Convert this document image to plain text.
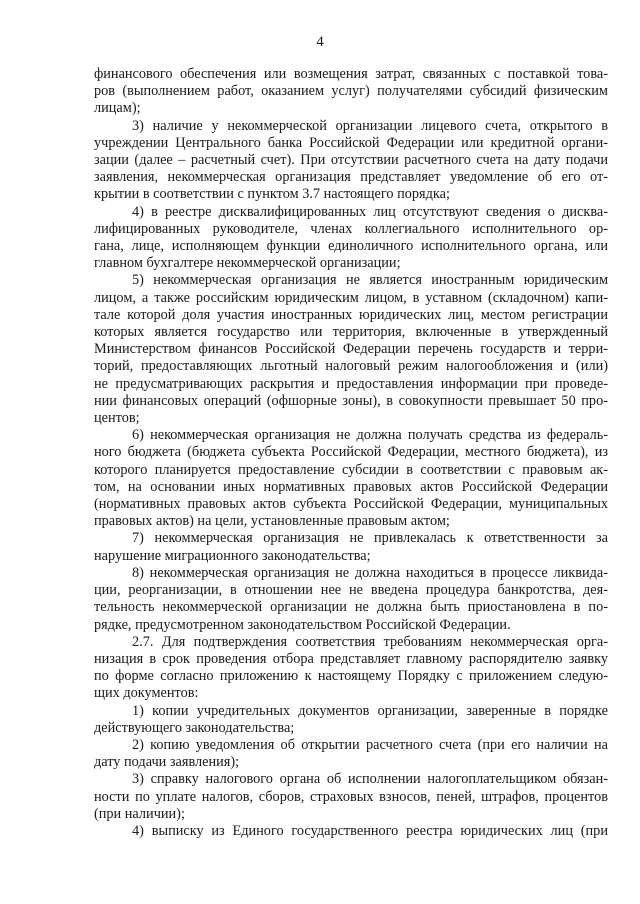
4
финансового обеспечения или возмещения затрат, связанных с поставкой това-
ров (выполнением работ, оказанием услуг) получателями субсидий физическим
лицам);
3) наличие у некоммерческой организации лицевого счета, открытого в
учреждении Центрального банка Российской Федерации или кредитной органи-
зации (далее – расчетный счет). При отсутствии расчетного счета на дату подачи
заявления, некоммерческая организация представляет уведомление об его от-
крытии в соответствии с пунктом 3.7 настоящего порядка;
4) в реестре дисквалифицированных лиц отсутствуют сведения о дисква-
лифицированных руководителе, членах коллегиального исполнительного ор-
гана, лице, исполняющем функции единоличного исполнительного органа, или
главном бухгалтере некоммерческой организации;
5) некоммерческая организация не является иностранным юридическим
лицом, а также российским юридическим лицом, в уставном (складочном) капи-
тале которой доля участия иностранных юридических лиц, местом регистрации
которых является государство или территория, включенные в утвержденный
Министерством финансов Российской Федерации перечень государств и терри-
торий, предоставляющих льготный налоговый режим налогообложения и (или)
не предусматривающих раскрытия и предоставления информации при проведе-
нии финансовых операций (офшорные зоны), в совокупности превышает 50 про-
центов;
6) некоммерческая организация не должна получать средства из федераль-
ного бюджета (бюджета субъекта Российской Федерации, местного бюджета), из
которого планируется предоставление субсидии в соответствии с правовым ак-
том, на основании иных нормативных правовых актов Российской Федерации
(нормативных правовых актов субъекта Российской Федерации, муниципальных
правовых актов) на цели, установленные правовым актом;
7) некоммерческая организация не привлекалась к ответственности за
нарушение миграционного законодательства;
8) некоммерческая организация не должна находиться в процессе ликвида-
ции, реорганизации, в отношении нее не введена процедура банкротства, дея-
тельность некоммерческой организации не должна быть приостановлена в по-
рядке, предусмотренном законодательством Российской Федерации.
2.7. Для подтверждения соответствия требованиям некоммерческая орга-
низация в срок проведения отбора представляет главному распорядителю заявку
по форме согласно приложению к настоящему Порядку с приложением следую-
щих документов:
1) копии учредительных документов организации, заверенные в порядке
действующего законодательства;
2) копию уведомления об открытии расчетного счета (при его наличии на
дату подачи заявления);
3) справку налогового органа об исполнении налогоплательщиком обязан-
ности по уплате налогов, сборов, страховых взносов, пеней, штрафов, процентов
(при наличии);
4) выписку из Единого государственного реестра юридических лиц (при
